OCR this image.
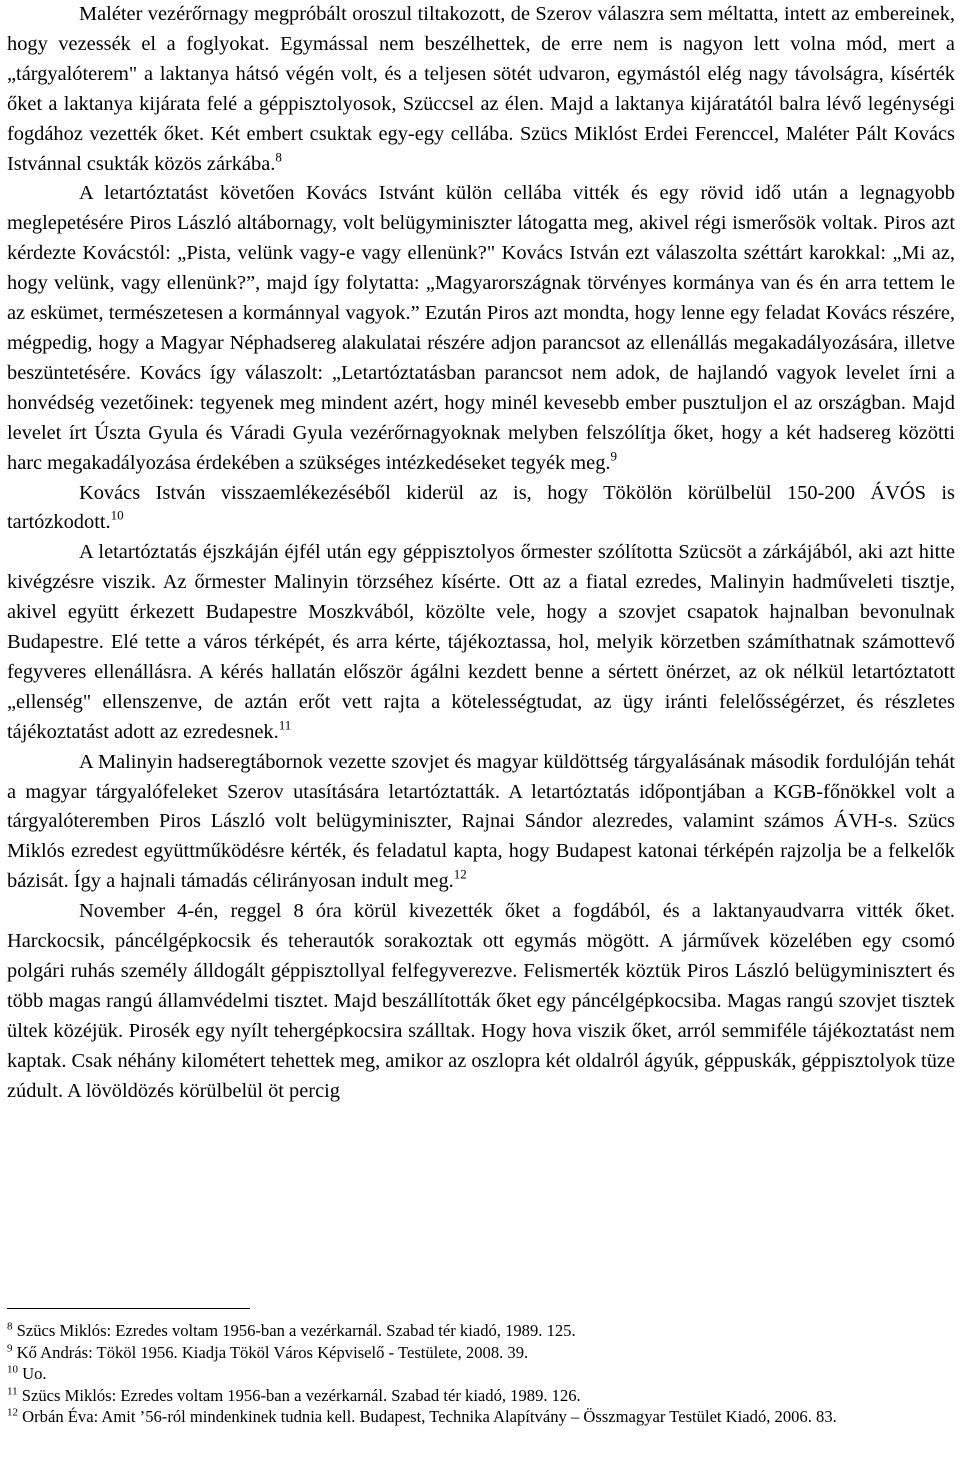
Maléter vezérőrnagy megpróbált oroszul tiltakozott, de Szerov válaszra sem méltatta, intett az embereinek, hogy vezessék el a foglyokat. Egymással nem beszélhettek, de erre nem is nagyon lett volna mód, mert a „tárgyalóterem" a laktanya hátsó végén volt, és a teljesen sötét udvaron, egymástól elég nagy távolságra, kísérték őket a laktanya kijárata felé a géppisztolyosok, Szüccsel az élen. Majd a laktanya kijáratától balra lévő legénységi fogdához vezették őket. Két embert csuktak egy-egy cellába. Szücs Miklóst Erdei Ferenccel, Maléter Pált Kovács Istvánnal csukták közös zárkába.$^8$

A letartóztatást követően Kovács Istvánt külön cellába vitték és egy rövid idő után a legnagyobb meglepetésére Piros László altábornagy, volt belügyminiszter látogatta meg, akivel régi ismerősök voltak. Piros azt kérdezte Kovácstól: „Pista, velünk vagy-e vagy ellenünk?" Kovács István ezt válaszolta széttárt karokkal: „Mi az, hogy velünk, vagy ellenünk?”, majd így folytatta: „Magyarországnak törvényes kormánya van és én arra tettem le az eskümet, természetesen a kormánnyal vagyok.” Ezután Piros azt mondta, hogy lenne egy feladat Kovács részére, mégpedig, hogy a Magyar Néphadsereg alakulatai részére adjon parancsot az ellenállás megakadályozására, illetve beszüntetésére. Kovács így válaszolt: „Letartóztatásban parancsot nem adok, de hajlandó vagyok levelet írni a honvédség vezetőinek: tegyenek meg mindent azért, hogy minél kevesebb ember pusztuljon el az országban. Majd levelet írt Úszta Gyula és Váradi Gyula vezérőrnagyoknak melyben felszólítja őket, hogy a két hadsereg közötti harc megakadályozása érdekében a szükséges intézkedéseket tegyék meg.$^9$

Kovács István visszaemlékezéséből kiderül az is, hogy Tökölön körülbelül 150-200 ÁVÓS is tartózkodott.$^{10}$

A letartóztatás éjszkáján éjfél után egy géppisztolyos őrmester szólította Szücsöt a zárkájából, aki azt hitte kivégzésre viszik. Az őrmester Malinyin törzséhez kísérte. Ott az a fiatal ezredes, Malinyin hadműveleti tisztje, akivel együtt érkezett Budapestre Moszkvából, közölte vele, hogy a szovjet csapatok hajnalban bevonulnak Budapestre. Elé tette a város térképét, és arra kérte, tájékoztassa, hol, melyik körzetben számíthatnak számottevő fegyveres ellenállásra. A kérés hallatán először ágálni kezdett benne a sértett önérzet, az ok nélkül letartóztatott „ellenség" ellenszenve, de aztán erőt vett rajta a kötelességtudat, az ügy iránti felelősségérzet, és részletes tájékoztatást adott az ezredesnek.$^{11}$

A Malinyin hadseregtábornok vezette szovjet és magyar küldöttség tárgyalásának második fordulóján tehát a magyar tárgyalófeleket Szerov utasítására letartóztatták. A letartóztatás időpontjában a KGB-főnökkel volt a tárgyalóteremben Piros László volt belügyminiszter, Rajnai Sándor alezredes, valamint számos ÁVH-s. Szücs Miklós ezredest együttműködésre kérték, és feladatul kapta, hogy Budapest katonai térképén rajzolja be a felkelők bázisát. Így a hajnali támadás célirányosan indult meg.$^{12}$

November 4-én, reggel 8 óra körül kivezették őket a fogdából, és a laktanyaudvarra vitték őket. Harckocsik, páncélgépkocsik és teherautók sorakoztak ott egymás mögött. A járművek közelében egy csomó polgári ruhás személy álldogált géppisztollyal felfegyverezve. Felismerték köztük Piros László belügyminisztert és több magas rangú államvédelmi tisztet. Majd beszállították őket egy páncélgépkocsiba. Magas rangú szovjet tisztek ültek közéjük. Pirosék egy nyílt tehergépkocsira szálltak. Hogy hova viszik őket, arról semmiféle tájékoztatást nem kaptak. Csak néhány kilométert tehettek meg, amikor az oszlopra két oldalról ágyúk, géppuskák, géppisztolyok tüze zúdult. A lövöldözés körülbelül öt percig

$^8$ Szücs Miklós: Ezredes voltam 1956-ban a vezérkarnál. Szabad tér kiadó, 1989. 125.

$^9$ Kő András: Tököl 1956. Kiadja Tököl Város Képviselő - Testülete, 2008. 39.

$^{10}$ Uo.

$^{11}$ Szücs Miklós: Ezredes voltam 1956-ban a vezérkarnál. Szabad tér kiadó, 1989. 126.

$^{12}$ Orbán Éva: Amit ’56-ról mindenkinek tudnia kell. Budapest, Technika Alapítvány – Összmagyar Testület Kiadó, 2006. 83.
